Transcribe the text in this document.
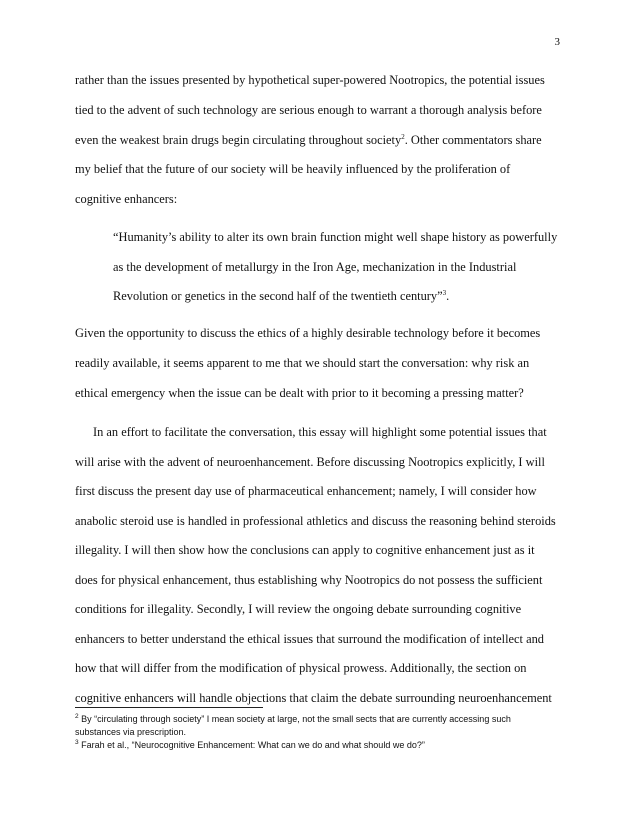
3
rather than the issues presented by hypothetical super-powered Nootropics, the potential issues
tied to the advent of such technology are serious enough to warrant a thorough analysis before
even the weakest brain drugs begin circulating throughout society$^2$. Other commentators share
my belief that the future of our society will be heavily influenced by the proliferation of
cognitive enhancers:
“Humanity’s ability to alter its own brain function might well shape history as powerfully
as the development of metallurgy in the Iron Age, mechanization in the Industrial
Revolution or genetics in the second half of the twentieth century”$^3$.
Given the opportunity to discuss the ethics of a highly desirable technology before it becomes
readily available, it seems apparent to me that we should start the conversation: why risk an
ethical emergency when the issue can be dealt with prior to it becoming a pressing matter?
In an effort to facilitate the conversation, this essay will highlight some potential issues that
will arise with the advent of neuroenhancement. Before discussing Nootropics explicitly, I will
first discuss the present day use of pharmaceutical enhancement; namely, I will consider how
anabolic steroid use is handled in professional athletics and discuss the reasoning behind steroids
illegality. I will then show how the conclusions can apply to cognitive enhancement just as it
does for physical enhancement, thus establishing why Nootropics do not possess the sufficient
conditions for illegality. Secondly, I will review the ongoing debate surrounding cognitive
enhancers to better understand the ethical issues that surround the modification of intellect and
how that will differ from the modification of physical prowess. Additionally, the section on
cognitive enhancers will handle objections that claim the debate surrounding neuroenhancement
$^2$ By “circulating through society” I mean society at large, not the small sects that are currently accessing such
substances via prescription.
$^3$ Farah et al., “Neurocognitive Enhancement: What can we do and what should we do?”
